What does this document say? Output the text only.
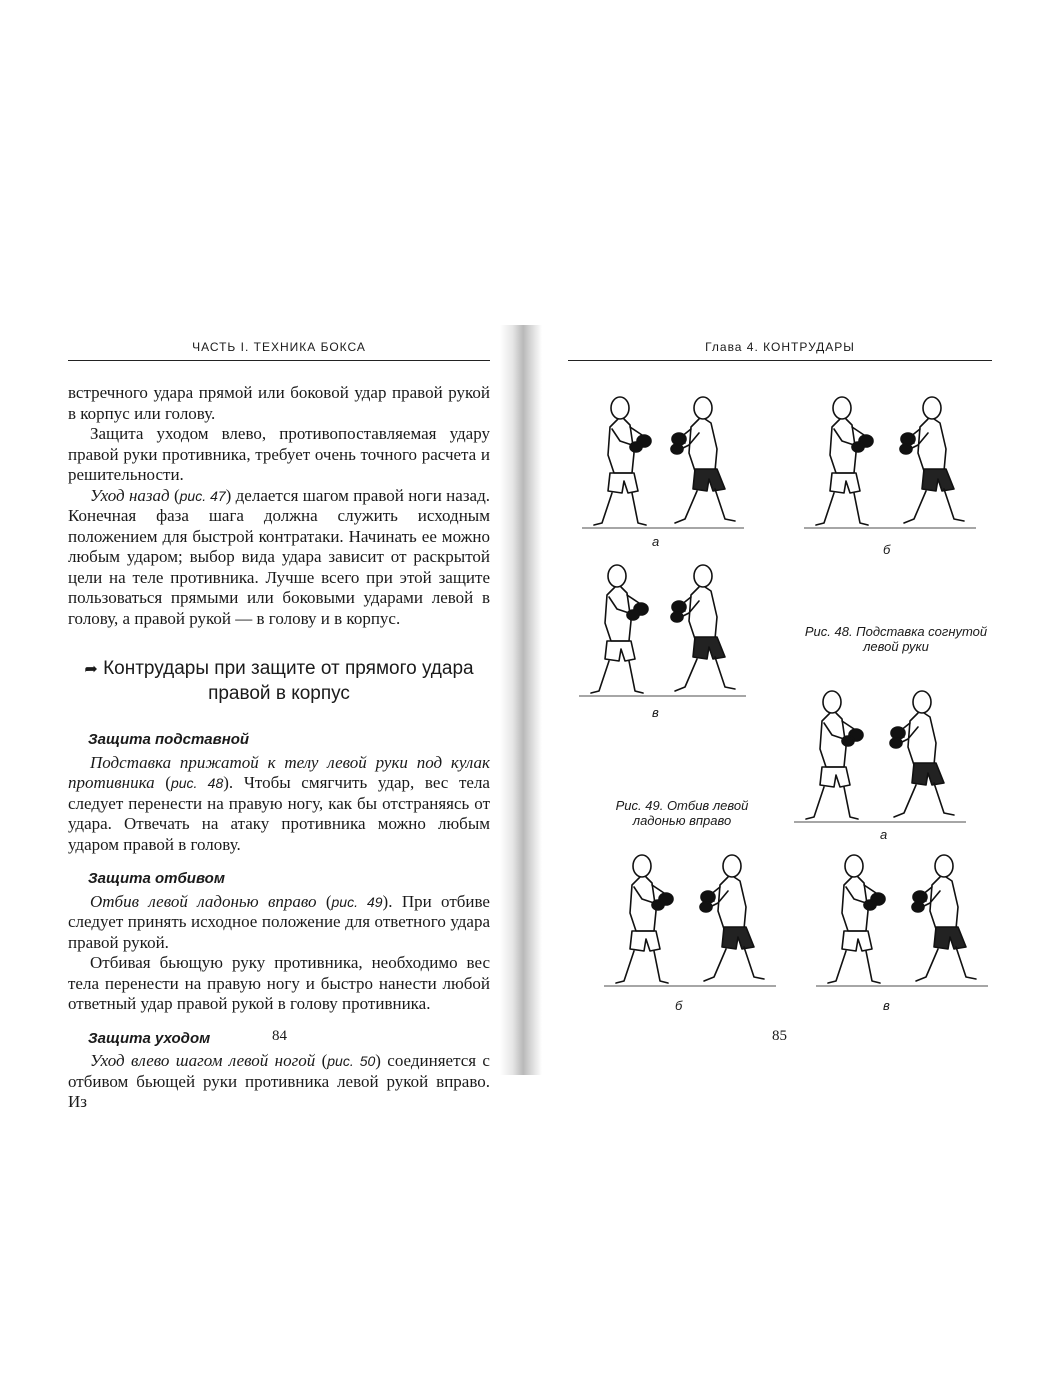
ЧАСТЬ I. ТЕХНИКА БОКСА

встречного удара прямой или боковой удар правой рукой в корпус или голову.

Защита уходом влево, противопоставляемая удару правой руки противника, требует очень точного расчета и решительности.

Уход назад (рис. 47) делается шагом правой ноги назад. Конечная фаза шага должна служить исходным положением для быстрой контратаки. Начинать ее можно любым ударом; выбор вида удара зависит от раскрытой цели на теле противника. Лучше всего при этой защите пользоваться прямыми или боковыми ударами левой в голову, а правой рукой — в голову и в корпус.

➦ Контрудары при защите от прямого удара правой в корпус
Защита подставной

Подставка прижатой к телу левой руки под кулак противника (рис. 48). Чтобы смягчить удар, вес тела следует перенести на правую ногу, как бы отстраняясь от удара. Отвечать на атаку противника можно любым ударом правой в голову.

Защита отбивом

Отбив левой ладонью вправо (рис. 49). При отбиве следует принять исходное положение для ответного удара правой рукой.

Отбивая бьющую руку противника, необходимо вес тела перенести на правую ногу и быстро нанести любой ответный удар правой рукой в голову противника.

Защита уходом

Уход влево шагом левой ногой (рис. 50) соединяется с отбивом бьющей руки противника левой рукой вправо. Из

84
Глава 4. КОНТРУДАРЫ
а
б
в
Рис. 48. Подставка согнутой левой руки
а
Рис. 49. Отбив левой ладонью вправо
б	в
85
